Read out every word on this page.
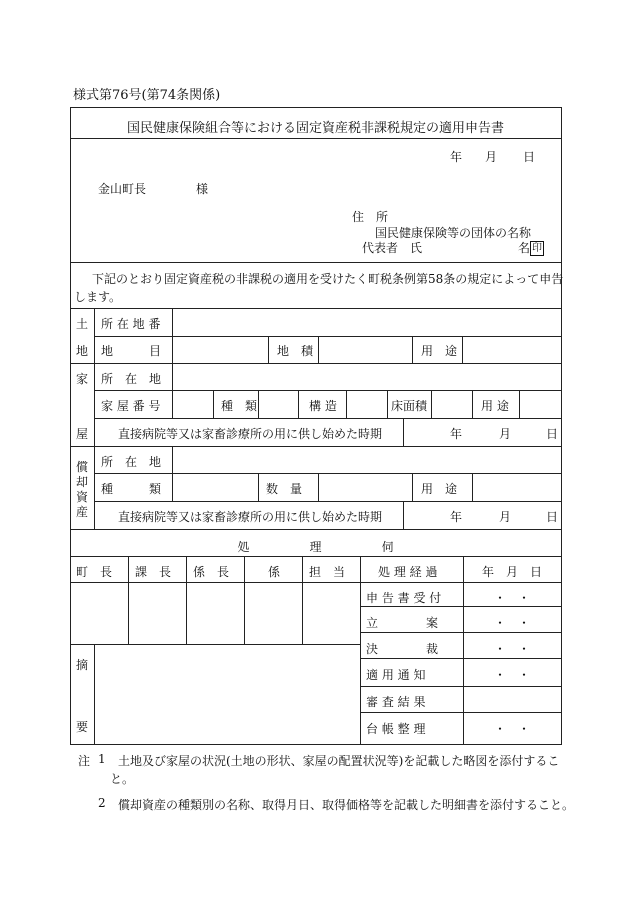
様式第76号(第74条関係)
国民健康保険組合等における固定資産税非課税規定の適用申告書
年 月 日
金山町長	様
住　所
国民健康保険等の団体の名称
代表者　氏	名 印
下記のとおり固定資産税の非課税の適用を受けたく町税条例第58条の規定によって申告
します。
土
地
所 在 地 番
地　　　目	地　積	用　途
家
屋
所　在　地
家 屋 番 号	種　類	構 造	床面積	用 途
直接病院等又は家畜診療所の用に供し始めた時期	年	月	日
償
却
資
産
所　在　地
種　　　類	数　量	用　途
直接病院等又は家畜診療所の用に供し始めた時期	年	月	日
処　　　　　理　　　　　伺
町　長 課　長 係　長	係 担　当	処 理 経 過	年　月　日
摘
要
申 告 書 受 付	・　・
立　　　　案	・　・
決　　　　裁	・　・
適 用 通 知	・　・
審 査 結 果
台 帳 整 理	・　・
注 1 土地及び家屋の状況(土地の形状、家屋の配置状況等)を記載した略図を添付するこ
と。
2 償却資産の種類別の名称、取得月日、取得価格等を記載した明細書を添付すること。
